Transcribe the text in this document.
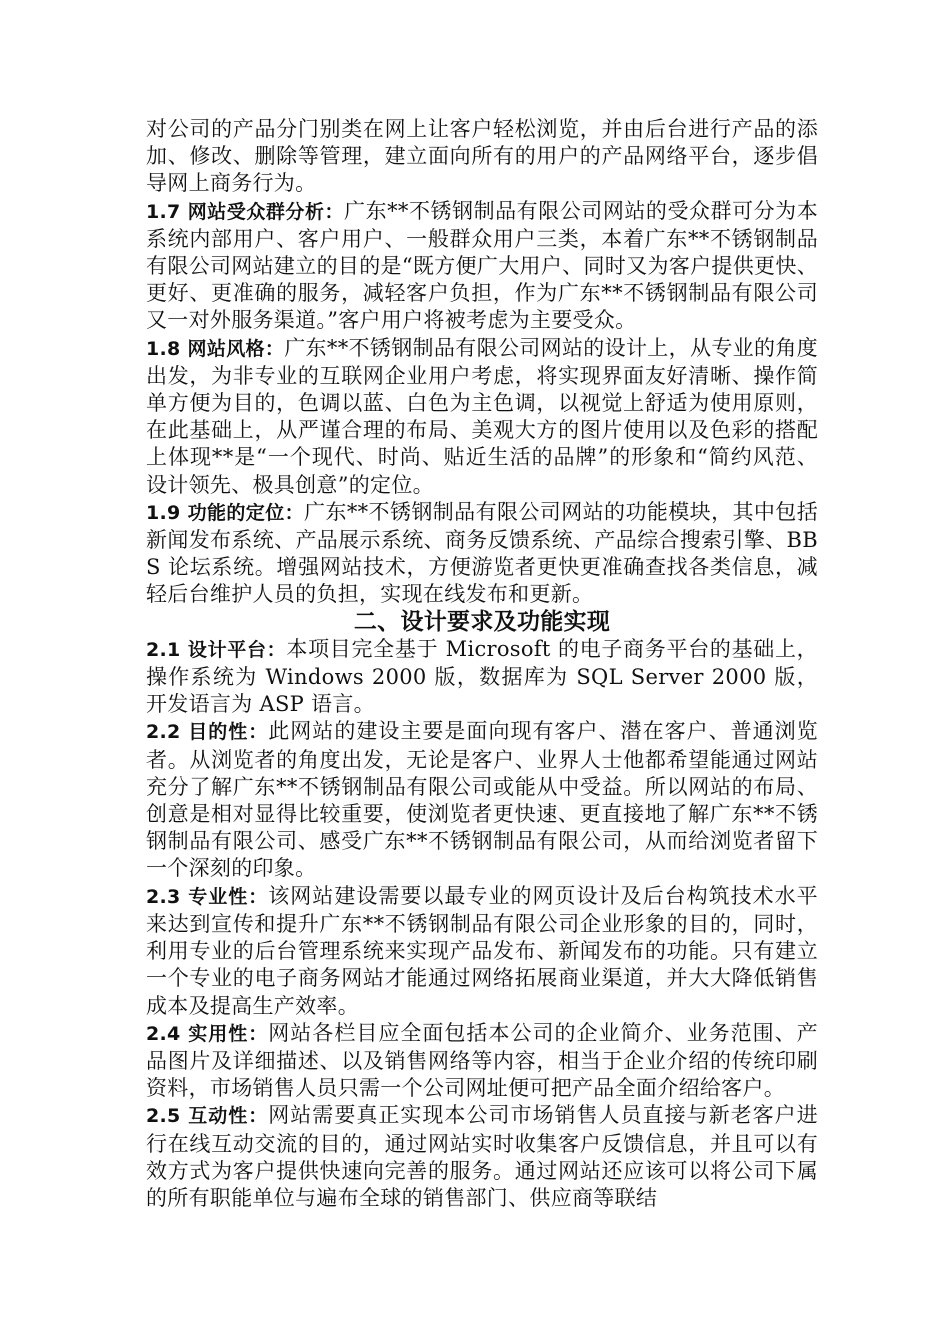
对公司的产品分门别类在网上让客户轻松浏览，并由后台进行产品的添加、修改、删除等管理，建立面向所有的用户的产品网络平台，逐步倡导网上商务行为。

1.7 网站受众群分析：广东**不锈钢制品有限公司网站的受众群可分为本系统内部用户、客户用户、一般群众用户三类，本着广东**不锈钢制品有限公司网站建立的目的是“既方便广大用户、同时又为客户提供更快、更好、更准确的服务，减轻客户负担，作为广东**不锈钢制品有限公司又一对外服务渠道。”客户用户将被考虑为主要受众。

1.8 网站风格：广东**不锈钢制品有限公司网站的设计上，从专业的角度出发，为非专业的互联网企业用户考虑，将实现界面友好清晰、操作简单方便为目的，色调以蓝、白色为主色调，以视觉上舒适为使用原则，在此基础上，从严谨合理的布局、美观大方的图片使用以及色彩的搭配上体现**是“一个现代、时尚、贴近生活的品牌”的形象和“简约风范、设计领先、极具创意”的定位。

1.9 功能的定位：广东**不锈钢制品有限公司网站的功能模块，其中包括新闻发布系统、产品展示系统、商务反馈系统、产品综合搜索引擎、BBS 论坛系统。增强网站技术，方便游览者更快更准确查找各类信息，减轻后台维护人员的负担，实现在线发布和更新。

二、设计要求及功能实现

2.1 设计平台：本项目完全基于 Microsoft 的电子商务平台的基础上，操作系统为 Windows 2000 版，数据库为 SQL Server 2000 版，开发语言为 ASP 语言。

2.2 目的性：此网站的建设主要是面向现有客户、潜在客户、普通浏览者。从浏览者的角度出发，无论是客户、业界人士他都希望能通过网站充分了解广东**不锈钢制品有限公司或能从中受益。所以网站的布局、创意是相对显得比较重要，使浏览者更快速、更直接地了解广东**不锈钢制品有限公司、感受广东**不锈钢制品有限公司，从而给浏览者留下一个深刻的印象。

2.3 专业性：该网站建设需要以最专业的网页设计及后台构筑技术水平来达到宣传和提升广东**不锈钢制品有限公司企业形象的目的，同时，利用专业的后台管理系统来实现产品发布、新闻发布的功能。只有建立一个专业的电子商务网站才能通过网络拓展商业渠道，并大大降低销售成本及提高生产效率。

2.4 实用性：网站各栏目应全面包括本公司的企业简介、业务范围、产品图片及详细描述、以及销售网络等内容，相当于企业介绍的传统印刷资料，市场销售人员只需一个公司网址便可把产品全面介绍给客户。

2.5 互动性：网站需要真正实现本公司市场销售人员直接与新老客户进行在线互动交流的目的，通过网站实时收集客户反馈信息，并且可以有效方式为客户提供快速向完善的服务。通过网站还应该可以将公司下属的所有职能单位与遍布全球的销售部门、供应商等联结
